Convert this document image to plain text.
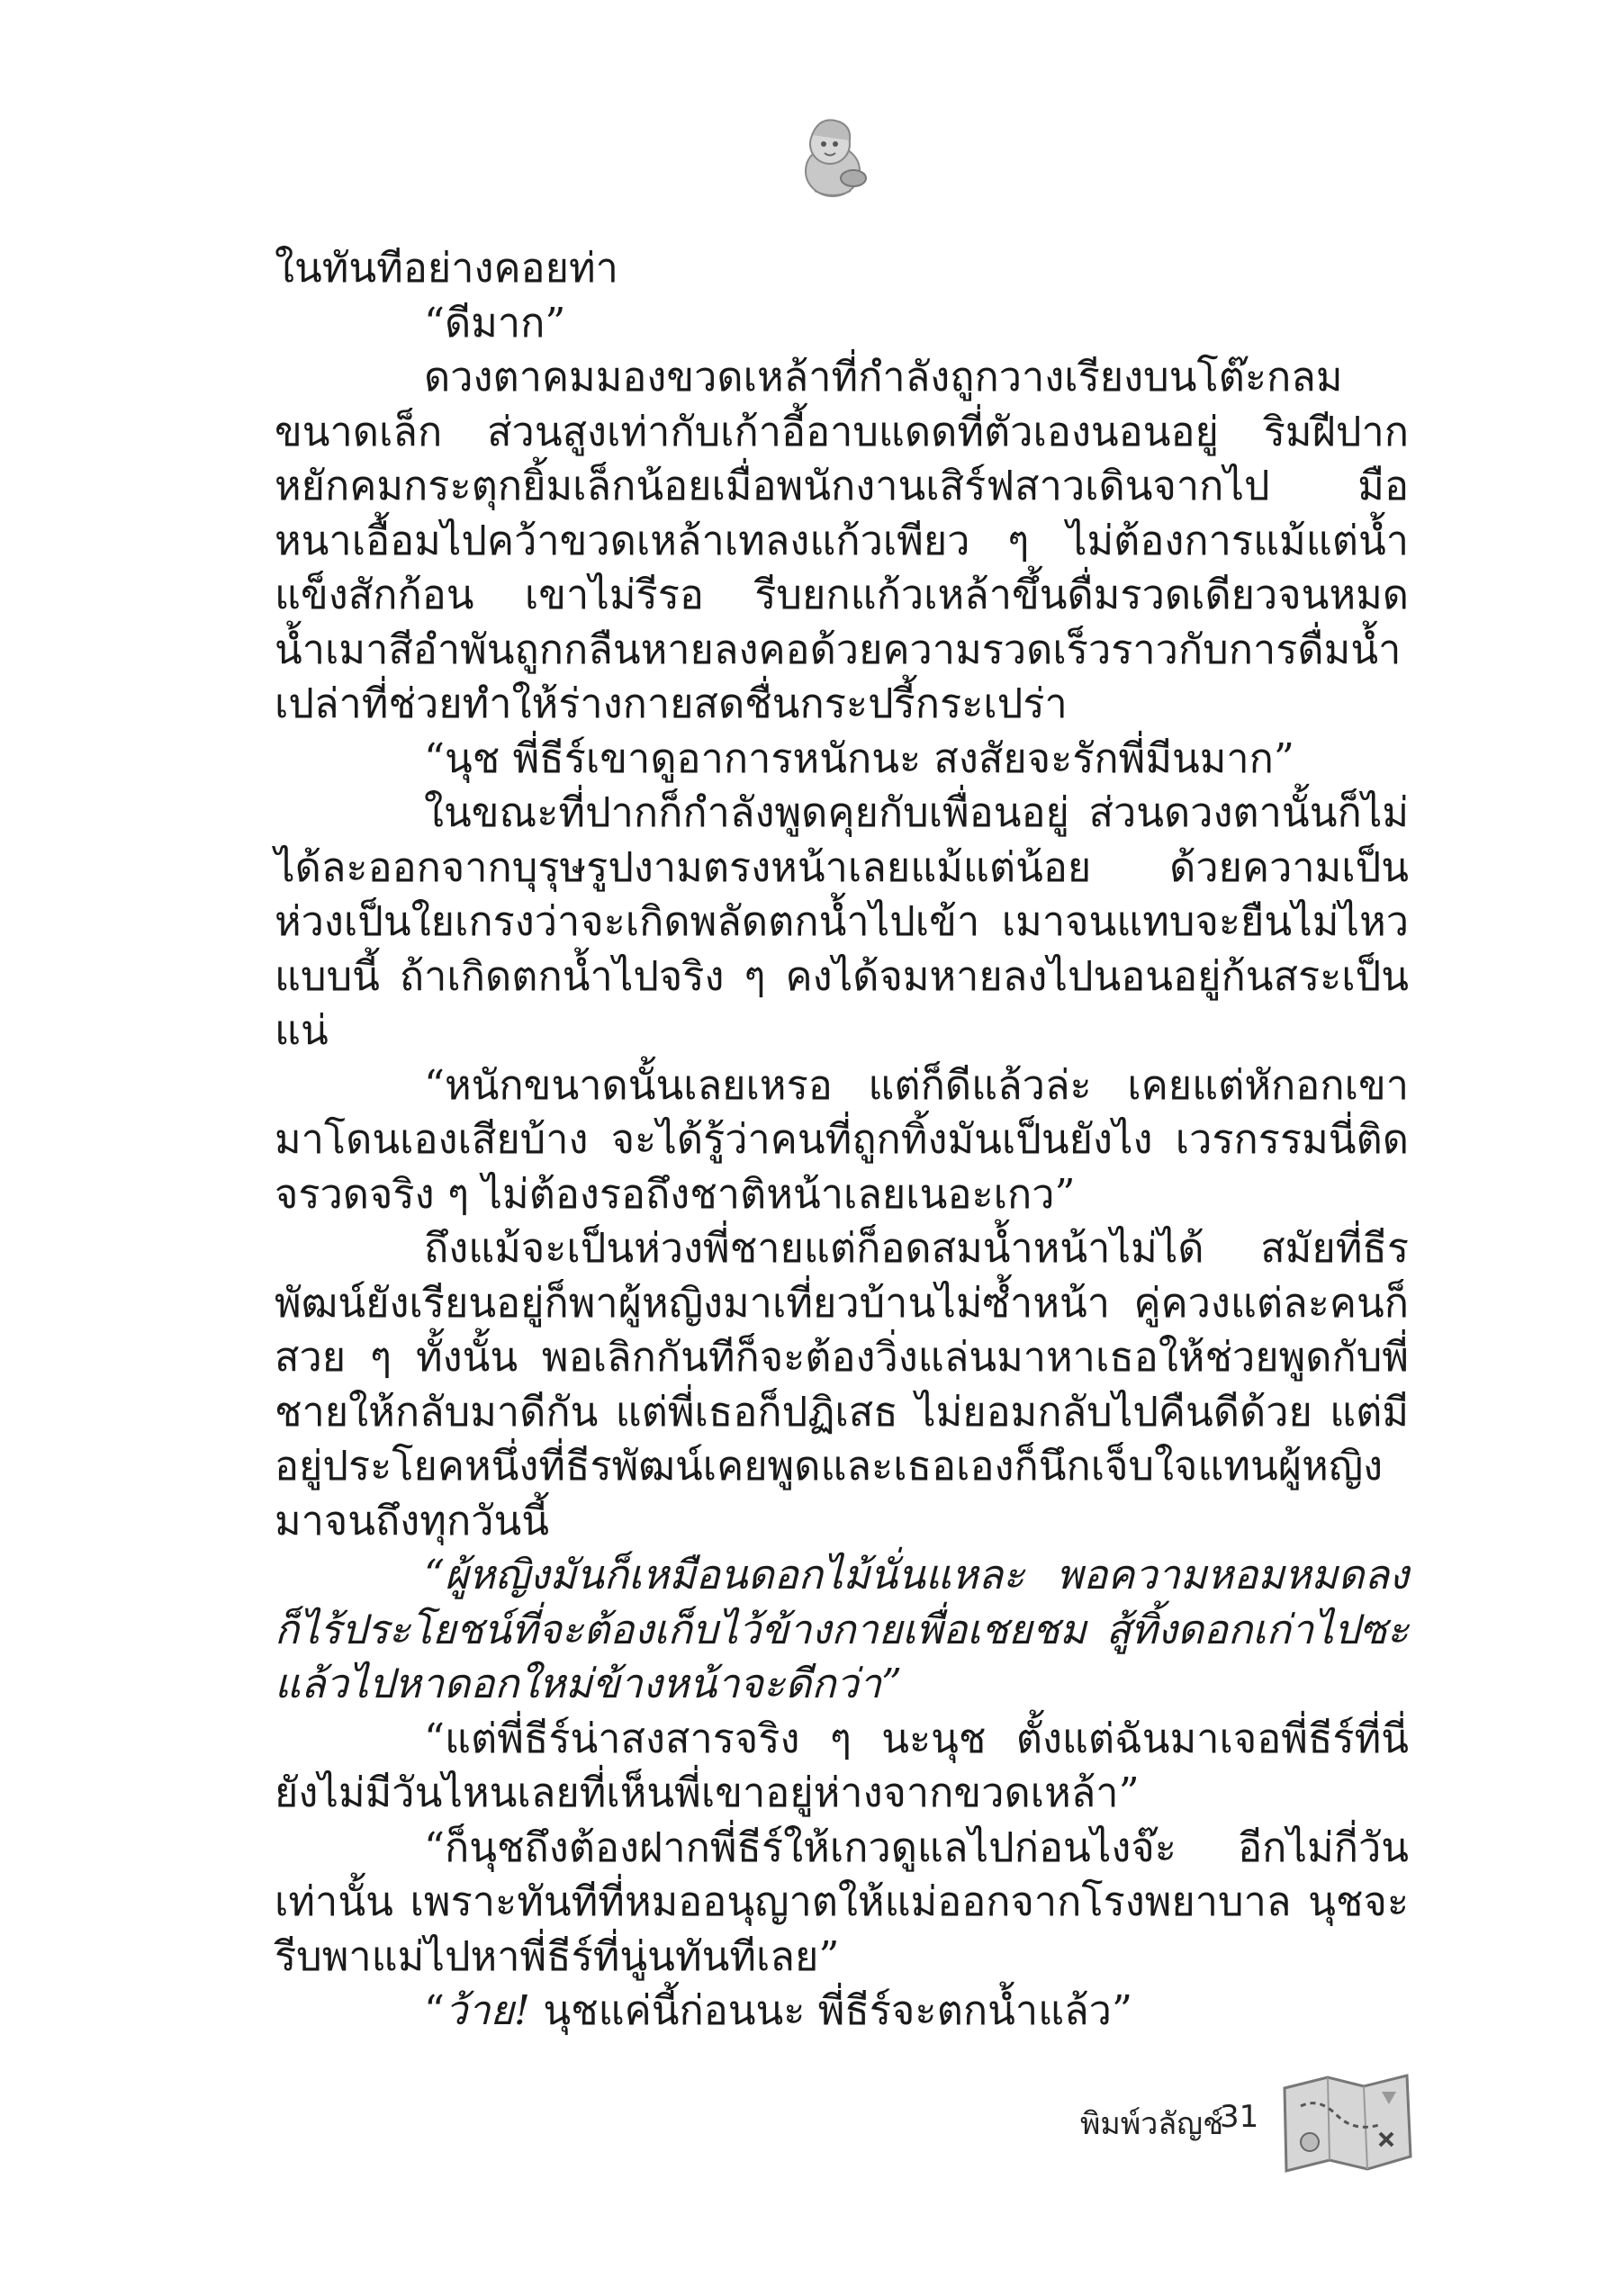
ในทันทีอย่างคอยท่า

“ดีมาก”

ดวงตาคมมองขวดเหล้าที่กำลังถูกวางเรียงบนโต๊ะกลมขนาดเล็ก ส่วนสูงเท่ากับเก้าอี้อาบแดดที่ตัวเองนอนอยู่ ริมฝีปากหยักคมกระตุกยิ้มเล็กน้อยเมื่อพนักงานเสิร์ฟสาวเดินจากไป มือหนาเอื้อมไปคว้าขวดเหล้าเทลงแก้วเพียว ๆ ไม่ต้องการแม้แต่น้ำแข็งสักก้อน เขาไม่รีรอ รีบยกแก้วเหล้าขึ้นดื่มรวดเดียวจนหมด น้ำเมาสีอำพันถูกกลืนหายลงคอด้วยความรวดเร็วราวกับการดื่มน้ำเปล่าที่ช่วยทำให้ร่างกายสดชื่นกระปรี้กระเปร่า

“นุช พี่ธีร์เขาดูอาการหนักนะ สงสัยจะรักพี่มีนมาก”

ในขณะที่ปากก็กำลังพูดคุยกับเพื่อนอยู่ ส่วนดวงตานั้นก็ไม่ได้ละออกจากบุรุษรูปงามตรงหน้าเลยแม้แต่น้อย ด้วยความเป็นห่วงเป็นใยเกรงว่าจะเกิดพลัดตกน้ำไปเข้า เมาจนแทบจะยืนไม่ไหวแบบนี้ ถ้าเกิดตกน้ำไปจริง ๆ คงได้จมหายลงไปนอนอยู่ก้นสระเป็นแน่

“หนักขนาดนั้นเลยเหรอ แต่ก็ดีแล้วล่ะ เคยแต่หักอกเขา มาโดนเองเสียบ้าง จะได้รู้ว่าคนที่ถูกทิ้งมันเป็นยังไง เวรกรรมนี่ติดจรวดจริง ๆ ไม่ต้องรอถึงชาติหน้าเลยเนอะเกว”

ถึงแม้จะเป็นห่วงพี่ชายแต่ก็อดสมน้ำหน้าไม่ได้ สมัยที่ธีรพัฒน์ยังเรียนอยู่ก็พาผู้หญิงมาเที่ยวบ้านไม่ซ้ำหน้า คู่ควงแต่ละคนก็สวย ๆ ทั้งนั้น พอเลิกกันทีก็จะต้องวิ่งแล่นมาหาเธอให้ช่วยพูดกับพี่ชายให้กลับมาดีกัน แต่พี่เธอก็ปฏิเสธ ไม่ยอมกลับไปคืนดีด้วย แต่มีอยู่ประโยคหนึ่งที่ธีรพัฒน์เคยพูดและเธอเองก็นึกเจ็บใจแทนผู้หญิงมาจนถึงทุกวันนี้

“ผู้หญิงมันก็เหมือนดอกไม้นั่นแหละ พอความหอมหมดลงก็ไร้ประโยชน์ที่จะต้องเก็บไว้ข้างกายเพื่อเชยชม สู้ทิ้งดอกเก่าไปซะแล้วไปหาดอกใหม่ข้างหน้าจะดีกว่า”

“แต่พี่ธีร์น่าสงสารจริง ๆ นะนุช ตั้งแต่ฉันมาเจอพี่ธีร์ที่นี่ ยังไม่มีวันไหนเลยที่เห็นพี่เขาอยู่ห่างจากขวดเหล้า”

“ก็นุชถึงต้องฝากพี่ธีร์ให้เกวดูแลไปก่อนไงจ๊ะ อีกไม่กี่วันเท่านั้น เพราะทันทีที่หมออนุญาตให้แม่ออกจากโรงพยาบาล นุชจะรีบพาแม่ไปหาพี่ธีร์ที่นู่นทันทีเลย”

“ว้าย! นุชแค่นี้ก่อนนะ พี่ธีร์จะตกน้ำแล้ว”

พิมพ์วลัญช์
31
